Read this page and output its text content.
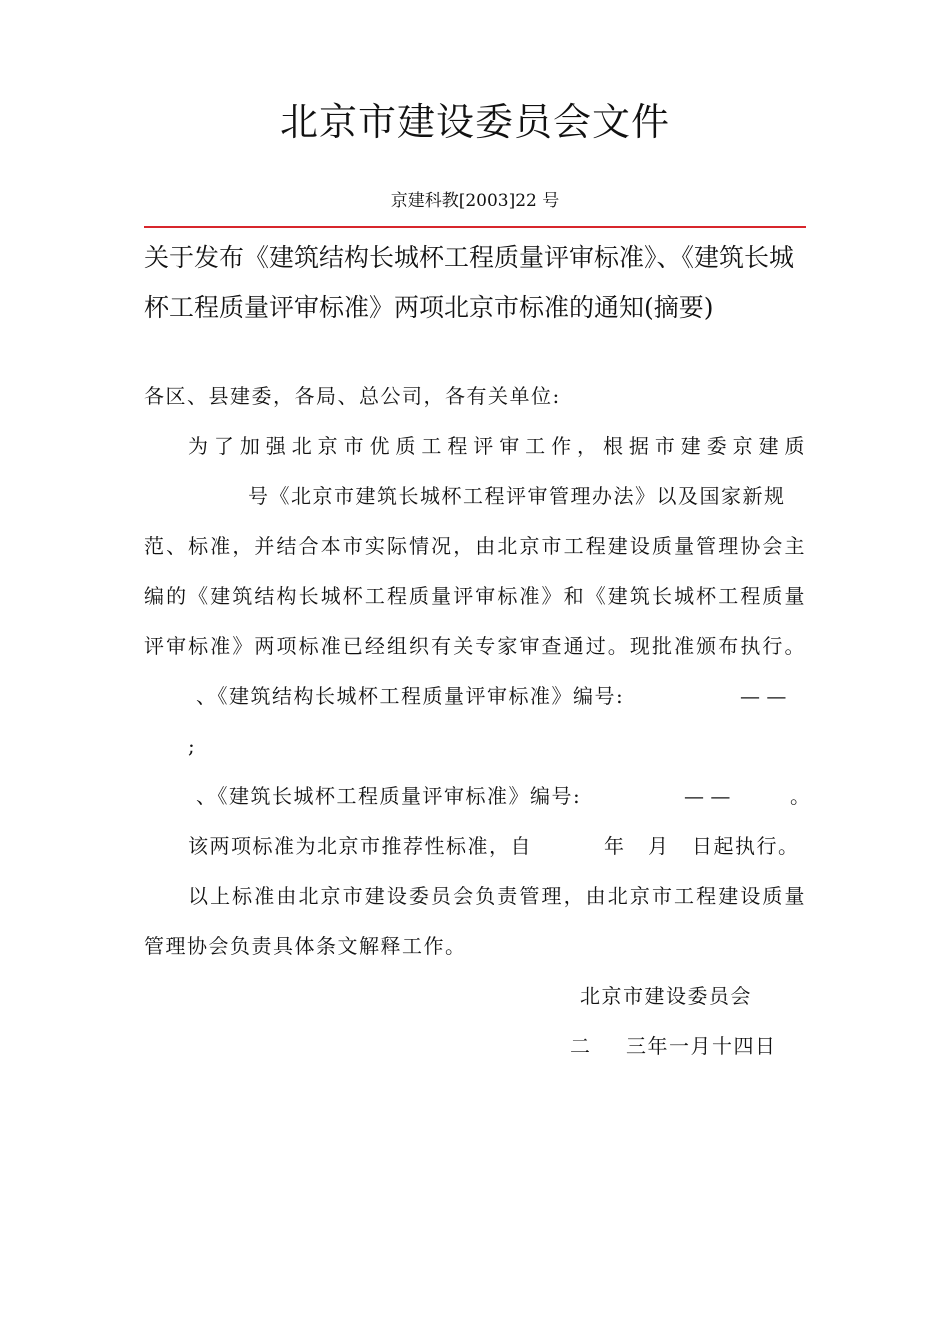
北京市建设委员会文件
京建科教[2003]22 号
关于发布《建筑结构长城杯工程质量评审标准》、《建筑长城
杯工程质量评审标准》两项北京市标准的通知(摘要)
各区、县建委，各局、总公司，各有关单位:
为了加强北京市优质工程评审工作，根据市建委京建质
号《北京市建筑长城杯工程评审管理办法》以及国家新规
范、标准，并结合本市实际情况，由北京市工程建设质量管理协会主
编的《建筑结构长城杯工程质量评审标准》和《建筑长城杯工程质量
评审标准》两项标准已经组织有关专家审查通过。现批准颁布执行。
、《建筑结构长城杯工程质量评审标准》编号:	— —
;
、《建筑长城杯工程质量评审标准》编号:	— —	。
该两项标准为北京市推荐性标准，自	年 月 日起执行。
以上标准由北京市建设委员会负责管理，由北京市工程建设质量
管理协会负责具体条文解释工作。
北京市建设委员会
二 三年一月十四日
